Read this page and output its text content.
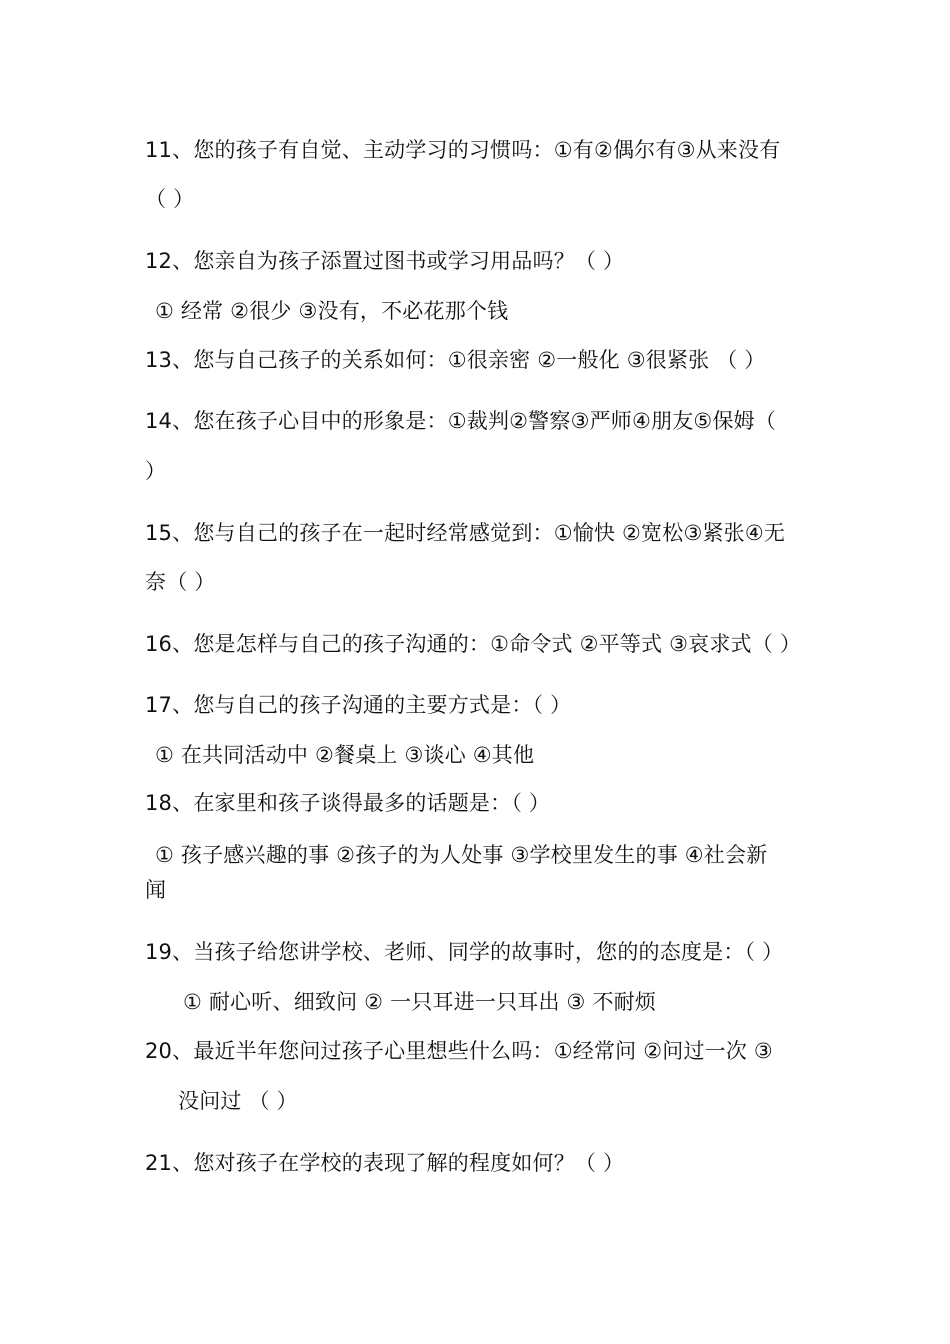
11、您的孩子有自觉、主动学习的习惯吗：①有②偶尔有③从来没有
（ ）
12、您亲自为孩子添置过图书或学习用品吗？（ ）
① 经常 ②很少 ③没有，不必花那个钱
13、您与自己孩子的关系如何：①很亲密 ②一般化 ③很紧张 （ ）
14、您在孩子心目中的形象是：①裁判②警察③严师④朋友⑤保姆（
）
15、您与自己的孩子在一起时经常感觉到：①愉快 ②宽松③紧张④无
奈（ ）
16、您是怎样与自己的孩子沟通的：①命令式 ②平等式 ③哀求式（ ）
17、您与自己的孩子沟通的主要方式是：（ ）
① 在共同活动中 ②餐桌上 ③谈心 ④其他
18、在家里和孩子谈得最多的话题是：（ ）
① 孩子感兴趣的事 ②孩子的为人处事 ③学校里发生的事 ④社会新
闻
19、当孩子给您讲学校、老师、同学的故事时，您的的态度是：（ ）
① 耐心听、细致问 ② 一只耳进一只耳出 ③ 不耐烦
20、最近半年您问过孩子心里想些什么吗：①经常问 ②问过一次 ③
没问过 （ ）
21、您对孩子在学校的表现了解的程度如何？（ ）
